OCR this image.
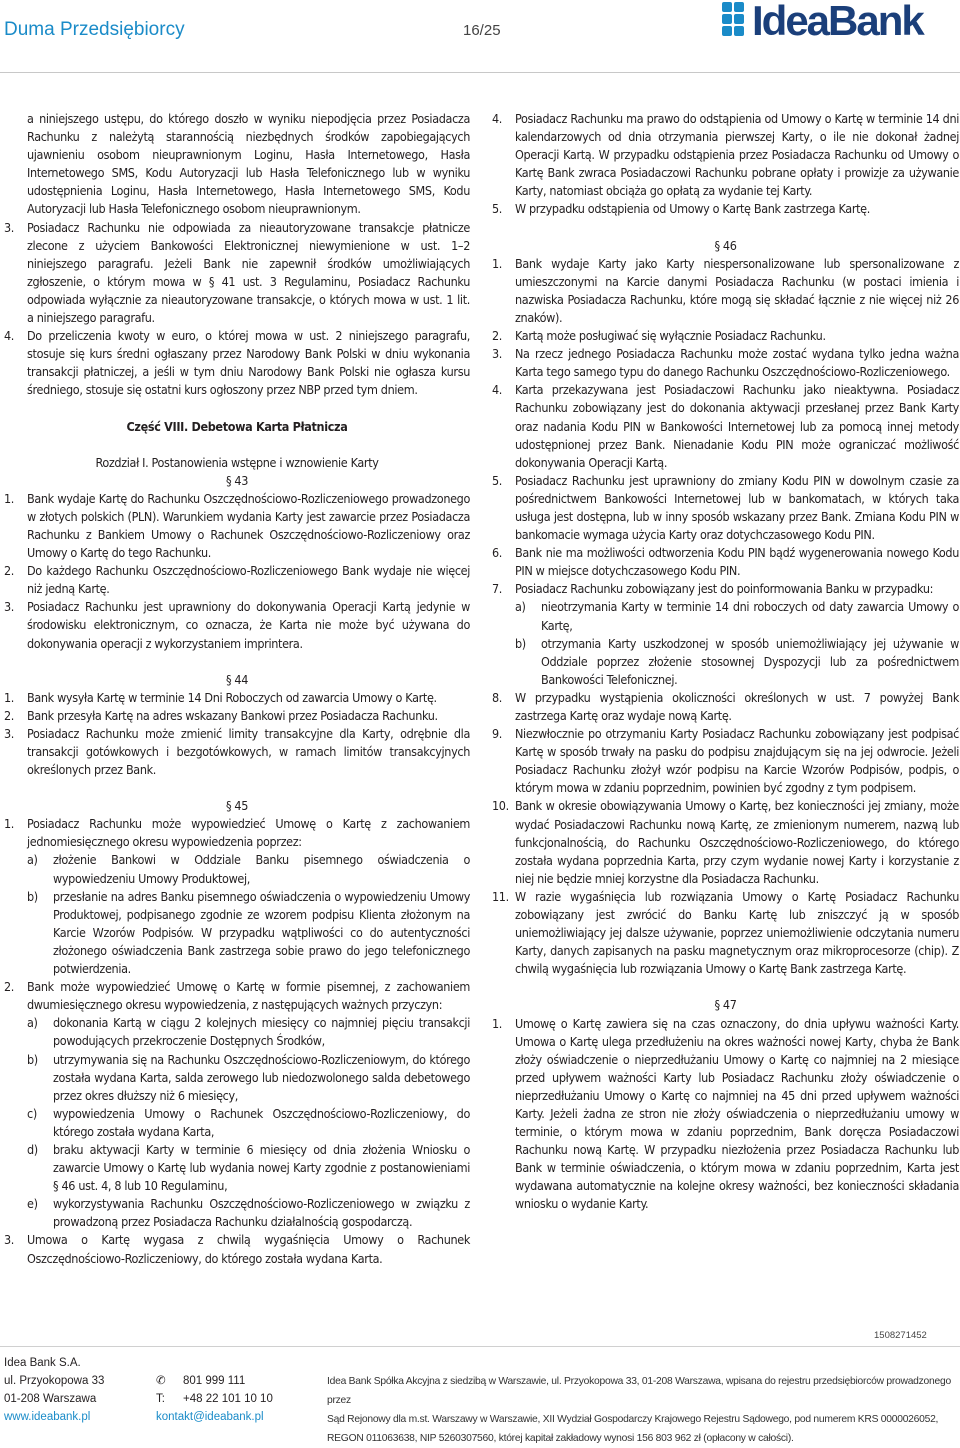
Duma Przedsiębiorcy	16/25	IdeaBank

a niniejszego ustępu, do którego doszło w wyniku niepodjęcia przez Posiadacza Rachunku z należytą starannością niezbędnych środków zapobiegających ujawnieniu osobom nieuprawnionym Loginu, Hasła Internetowego, Hasła Internetowego SMS, Kodu Autoryzacji lub Hasła Telefonicznego lub w wyniku udostępnienia Loginu, Hasła Internetowego, Hasła Internetowego SMS, Kodu Autoryzacji lub Hasła Telefonicznego osobom nieuprawnionym.

3.	Posiadacz Rachunku nie odpowiada za nieautoryzowane transakcje płatnicze zlecone z użyciem Bankowości Elektronicznej niewymienione w ust. 1–2 niniejszego paragrafu. Jeżeli Bank nie zapewnił środków umożliwiających zgłoszenie, o którym mowa w § 41 ust. 3 Regulaminu, Posiadacz Rachunku odpowiada wyłącznie za nieautoryzowane transakcje, o których mowa w ust. 1 lit. a niniejszego paragrafu.
4.	Do przeliczenia kwoty w euro, o której mowa w ust. 2 niniejszego paragrafu, stosuje się kurs średni ogłaszany przez Narodowy Bank Polski w dniu wykonania transakcji płatniczej, a jeśli w tym dniu Narodowy Bank Polski nie ogłasza kursu średniego, stosuje się ostatni kurs ogłoszony przez NBP przed tym dniem.

Część VIII. Debetowa Karta Płatnicza

Rozdział I. Postanowienia wstępne i wznowienie Karty

§ 43

1.	Bank wydaje Kartę do Rachunku Oszczędnościowo-Rozliczeniowego prowadzonego w złotych polskich (PLN). Warunkiem wydania Karty jest zawarcie przez Posiadacza Rachunku z Bankiem Umowy o Rachunek Oszczędnościowo-Rozliczeniowy oraz Umowy o Kartę do tego Rachunku.
2.	Do każdego Rachunku Oszczędnościowo-Rozliczeniowego Bank wydaje nie więcej niż jedną Kartę.
3.	Posiadacz Rachunku jest uprawniony do dokonywania Operacji Kartą jedynie w środowisku elektronicznym, co oznacza, że Karta nie może być używana do dokonywania operacji z wykorzystaniem imprintera.

§ 44

1.	Bank wysyła Kartę w terminie 14 Dni Roboczych od zawarcia Umowy o Kartę.
2.	Bank przesyła Kartę na adres wskazany Bankowi przez Posiadacza Rachunku.
3.	Posiadacz Rachunku może zmienić limity transakcyjne dla Karty, odrębnie dla transakcji gotówkowych i bezgotówkowych, w ramach limitów transakcyjnych określonych przez Bank.

§ 45

1.	Posiadacz Rachunku może wypowiedzieć Umowę o Kartę z zachowaniem jednomiesięcznego okresu wypowiedzenia poprzez:
a)	złożenie Bankowi w Oddziale Banku pisemnego oświadczenia o wypowiedzeniu Umowy Produktowej,
b)	przesłanie na adres Banku pisemnego oświadczenia o wypowiedzeniu Umowy Produktowej, podpisanego zgodnie ze wzorem podpisu Klienta złożonym na Karcie Wzorów Podpisów. W przypadku wątpliwości co do autentyczności złożonego oświadczenia Bank zastrzega sobie prawo do jego telefonicznego potwierdzenia.
2.	Bank może wypowiedzieć Umowę o Kartę w formie pisemnej, z zachowaniem dwumiesięcznego okresu wypowiedzenia, z następujących ważnych przyczyn:
a)	dokonania Kartą w ciągu 2 kolejnych miesięcy co najmniej pięciu transakcji powodujących przekroczenie Dostępnych Środków,
b)	utrzymywania się na Rachunku Oszczędnościowo-Rozliczeniowym, do którego została wydana Karta, salda zerowego lub niedozwolonego salda debetowego przez okres dłuższy niż 6 miesięcy,
c)	wypowiedzenia Umowy o Rachunek Oszczędnościowo-Rozliczeniowy, do którego została wydana Karta,
d)	braku aktywacji Karty w terminie 6 miesięcy od dnia złożenia Wniosku o zawarcie Umowy o Kartę lub wydania nowej Karty zgodnie z postanowieniami § 46 ust. 4, 8 lub 10 Regulaminu,
e)	wykorzystywania Rachunku Oszczędnościowo-Rozliczeniowego w związku z prowadzoną przez Posiadacza Rachunku działalnością gospodarczą.
3.	Umowa o Kartę wygasa z chwilą wygaśnięcia Umowy o Rachunek Oszczędnościowo-Rozliczeniowy, do którego została wydana Karta.
4.	Posiadacz Rachunku ma prawo do odstąpienia od Umowy o Kartę w terminie 14 dni kalendarzowych od dnia otrzymania pierwszej Karty, o ile nie dokonał żadnej Operacji Kartą. W przypadku odstąpienia przez Posiadacza Rachunku od Umowy o Kartę Bank zwraca Posiadaczowi Rachunku pobrane opłaty i prowizje za używanie Karty, natomiast obciąża go opłatą za wydanie tej Karty.
5.	W przypadku odstąpienia od Umowy o Kartę Bank zastrzega Kartę.

§ 46

1.	Bank wydaje Karty jako Karty niespersonalizowane lub spersonalizowane z umieszczonymi na Karcie danymi Posiadacza Rachunku (w postaci imienia i nazwiska Posiadacza Rachunku, które mogą się składać łącznie z nie więcej niż 26 znaków).
2.	Kartą może posługiwać się wyłącznie Posiadacz Rachunku.
3.	Na rzecz jednego Posiadacza Rachunku może zostać wydana tylko jedna ważna Karta tego samego typu do danego Rachunku Oszczędnościowo-Rozliczeniowego.
4.	Karta przekazywana jest Posiadaczowi Rachunku jako nieaktywna. Posiadacz Rachunku zobowiązany jest do dokonania aktywacji przesłanej przez Bank Karty oraz nadania Kodu PIN w Bankowości Internetowej lub za pomocą innej metody udostępnionej przez Bank. Nienadanie Kodu PIN może ograniczać możliwość dokonywania Operacji Kartą.
5.	Posiadacz Rachunku jest uprawniony do zmiany Kodu PIN w dowolnym czasie za pośrednictwem Bankowości Internetowej lub w bankomatach, w których taka usługa jest dostępna, lub w inny sposób wskazany przez Bank. Zmiana Kodu PIN w bankomacie wymaga użycia Karty oraz dotychczasowego Kodu PIN.
6.	Bank nie ma możliwości odtworzenia Kodu PIN bądź wygenerowania nowego Kodu PIN w miejsce dotychczasowego Kodu PIN.
7.	Posiadacz Rachunku zobowiązany jest do poinformowania Banku w przypadku:
a)	nieotrzymania Karty w terminie 14 dni roboczych od daty zawarcia Umowy o Kartę,
b)	otrzymania Karty uszkodzonej w sposób uniemożliwiający jej używanie w Oddziale poprzez złożenie stosownej Dyspozycji lub za pośrednictwem Bankowości Telefonicznej.
8.	W przypadku wystąpienia okoliczności określonych w ust. 7 powyżej Bank zastrzega Kartę oraz wydaje nową Kartę.
9.	Niezwłocznie po otrzymaniu Karty Posiadacz Rachunku zobowiązany jest podpisać Kartę w sposób trwały na pasku do podpisu znajdującym się na jej odwrocie. Jeżeli Posiadacz Rachunku złożył wzór podpisu na Karcie Wzorów Podpisów, podpis, o którym mowa w zdaniu poprzednim, powinien być zgodny z tym podpisem.
10. Bank w okresie obowiązywania Umowy o Kartę, bez konieczności jej zmiany, może wydać Posiadaczowi Rachunku nową Kartę, ze zmienionym numerem, nazwą lub funkcjonalnością, do Rachunku Oszczędnościowo-Rozliczeniowego, do którego została wydana poprzednia Karta, przy czym wydanie nowej Karty i korzystanie z niej nie będzie mniej korzystne dla Posiadacza Rachunku.
11. W razie wygaśnięcia lub rozwiązania Umowy o Kartę Posiadacz Rachunku zobowiązany jest zwrócić do Banku Kartę lub zniszczyć ją w sposób uniemożliwiający jej dalsze używanie, poprzez uniemożliwienie odczytania numeru Karty, danych zapisanych na pasku magnetycznym oraz mikroprocesorze (chip). Z chwilą wygaśnięcia lub rozwiązania Umowy o Kartę Bank zastrzega Kartę.

§ 47

1.	Umowę o Kartę zawiera się na czas oznaczony, do dnia upływu ważności Karty. Umowa o Kartę ulega przedłużeniu na okres ważności nowej Karty, chyba że Bank złoży oświadczenie o nieprzedłużaniu Umowy o Kartę co najmniej na 2 miesiące przed upływem ważności Karty lub Posiadacz Rachunku złoży oświadczenie o nieprzedłużaniu Umowy o Kartę co najmniej na 45 dni przed upływem ważności Karty. Jeżeli żadna ze stron nie złoży oświadczenia o nieprzedłużaniu umowy w terminie, o którym mowa w zdaniu poprzednim, Bank doręcza Posiadaczowi Rachunku nową Kartę. W przypadku niezłożenia przez Posiadacza Rachunku lub Bank w terminie oświadczenia, o którym mowa w zdaniu poprzednim, Karta jest wydawana automatycznie na kolejne okresy ważności, bez konieczności składania wniosku o wydanie Karty.
1508271452
Idea Bank S.A.
ul. Przyokopowa 33
01-208 Warszawa
www.ideabank.pl
✆	801 999 111
T:	+48 22 101 10 10
kontakt@ideabank.pl
Idea Bank Spółka Akcyjna z siedzibą w Warszawie, ul. Przyokopowa 33, 01-208 Warszawa, wpisana do rejestru przedsiębiorców prowadzonego przez
Sąd Rejonowy dla m.st. Warszawy w Warszawie, XII Wydział Gospodarczy Krajowego Rejestru Sądowego, pod numerem KRS 0000026052,
REGON 011063638, NIP 5260307560, której kapitał zakładowy wynosi 156 803 962 zł (opłacony w całości).
